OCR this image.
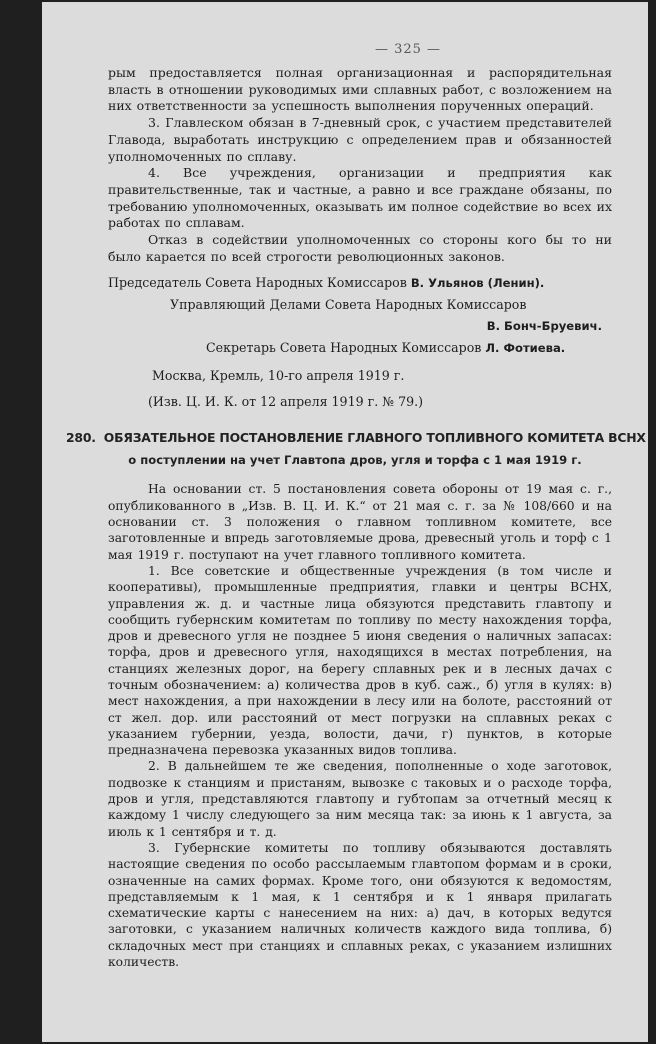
— 325 —

рым предоставляется полная организационная и распорядительная власть в отношении руководимых ими сплавных работ, с возложением на них ответственности за успешность выполнения порученных операций.

3. Главлеском обязан в 7-дневный срок, с участием представителей Главода, выработать инструкцию с определением прав и обязанностей уполномоченных по сплаву.

4. Все учреждения, организации и предприятия как правительственные, так и частные, а равно и все граждане обязаны, по требованию уполномоченных, оказывать им полное содействие во всех их работах по сплавам.

Отказ в содействии уполномоченных со стороны кого бы то ни было карается по всей строгости революционных законов.

Председатель Совета Народных Комиссаров В. Ульянов (Ленин).
Управляющий Делами Совета Народных Комиссаров
В. Бонч-Бруевич.
Секретарь Совета Народных Комиссаров Л. Фотиева.
Москва, Кремль, 10-го апреля 1919 г.
(Изв. Ц. И. К. от 12 апреля 1919 г. № 79.)
280. ОБЯЗАТЕЛЬНОЕ ПОСТАНОВЛЕНИЕ ГЛАВНОГО ТОПЛИВНОГО КОМИТЕТА ВСНХ
о поступлении на учет Главтопа дров, угля и торфа с 1 мая 1919 г.

На основании ст. 5 постановления совета обороны от 19 мая с. г., опубликованного в „Изв. В. Ц. И. К.“ от 21 мая с. г. за № 108/660 и на основании ст. 3 положения о главном топливном комитете, все заготовленные и впредь заготовляемые дрова, древесный уголь и торф с 1 мая 1919 г. поступают на учет главного топливного комитета.

1. Все советские и общественные учреждения (в том числе и кооперативы), промышленные предприятия, главки и центры ВСНХ, управления ж. д. и частные лица обязуются представить главтопу и сообщить губернским комитетам по топливу по месту нахождения торфа, дров и древесного угля не позднее 5 июня сведения о наличных запасах: торфа, дров и древесного угля, находящихся в местах потребления, на станциях железных дорог, на берегу сплавных рек и в лесных дачах с точным обозначением: а) количества дров в куб. саж., б) угля в кулях: в) мест нахождения, а при нахождении в лесу или на болоте, расстояний от ст жел. дор. или расстояний от мест погрузки на сплавных реках с указанием губернии, уезда, волости, дачи, г) пунктов, в которые предназначена перевозка указанных видов топлива.

2. В дальнейшем те же сведения, пополненные о ходе заготовок, подвозке к станциям и пристаням, вывозке с таковых и о расходе торфа, дров и угля, представляются главтопу и губтопам за отчетный месяц к каждому 1 числу следующего за ним месяца так: за июнь к 1 августа, за июль к 1 сентября и т. д.

3. Губернские комитеты по топливу обязываются доставлять настоящие сведения по особо рассылаемым главтопом формам и в сроки, означенные на самих формах. Кроме того, они обязуются к ведомостям, представляемым к 1 мая, к 1 сентября и к 1 января прилагать схематические карты с нанесением на них: а) дач, в которых ведутся заготовки, с указанием наличных количеств каждого вида топлива, б) складочных мест при станциях и сплавных реках, с указанием излишних количеств.
